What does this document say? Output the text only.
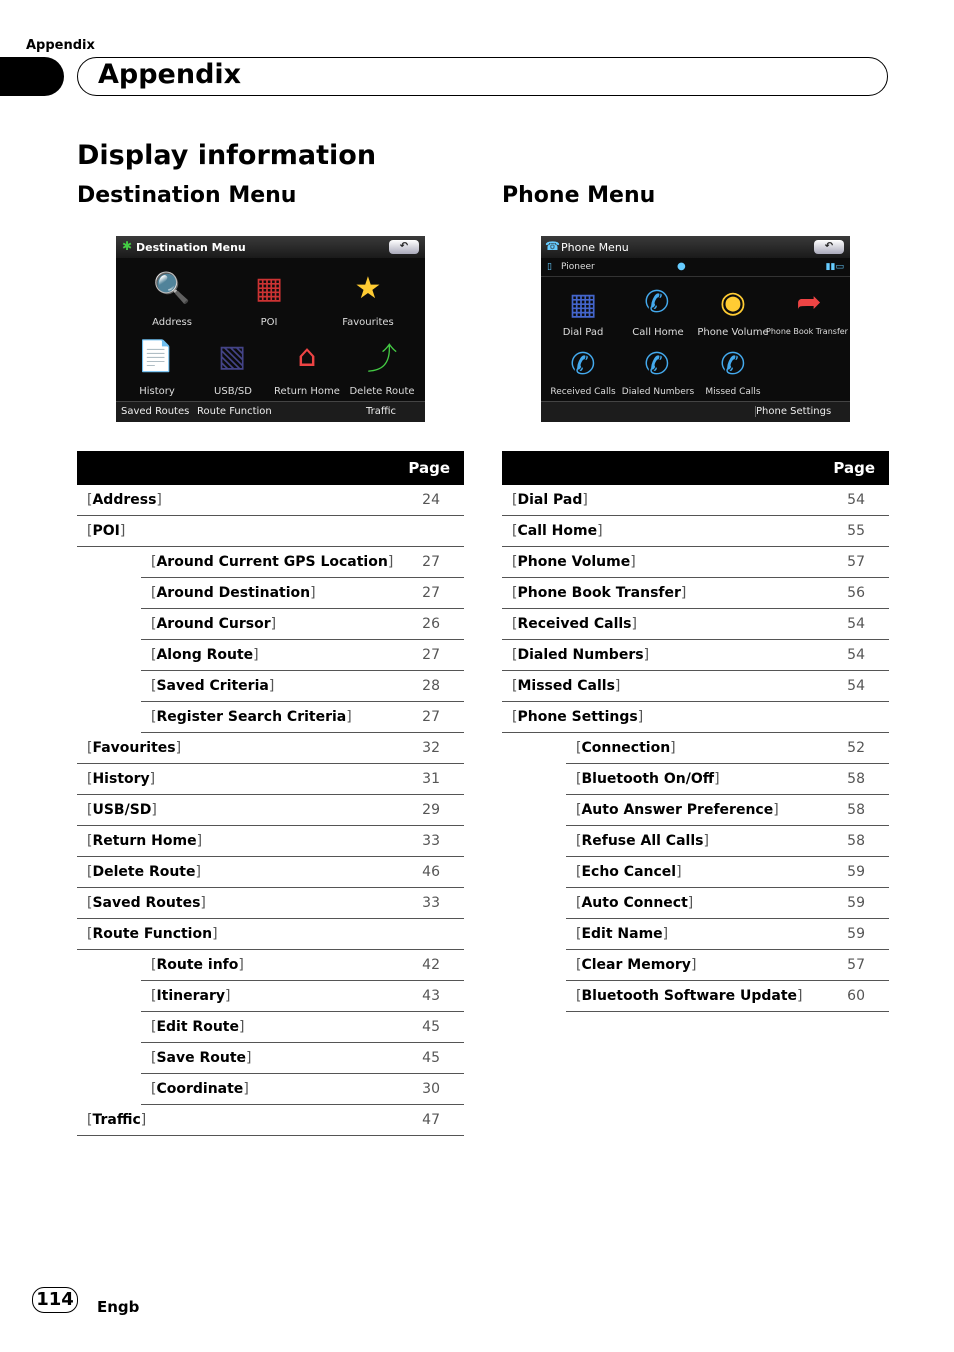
Appendix
Appendix
Display information
Destination Menu	Phone Menu
✱ Destination Menu	↶
🔍 ▦ ★
Address	POI	Favourites
📄 ▧	⌂	⤴
History	USB/SD Return Home Delete Route
Saved Routes Route Function	Traffic
☎ Phone Menu	↶
▯ Pioneer	●	▮▮▭
▦ ✆ ◉ ➦
Dial Pad	Call Home Phone Volume
Phone Book Transfer
✆ ✆ ✆
Received Calls Dialed Numbers Missed Calls
Phone Settings
Page	
[Address]	24
[POI]	
[Around Current GPS Location]	27
[Around Destination]	27
[Around Cursor]	26
[Along Route]	27
[Saved Criteria]	28
[Register Search Criteria]	27
[Favourites]	32
[History]	31
[USB/SD]	29
[Return Home]	33
[Delete Route]	46
[Saved Routes]	33
[Route Function]	
[Route info]	42
[Itinerary]	43
[Edit Route]	45
[Save Route]	45
[Coordinate]	30
[Traffic]	47
Page	
[Dial Pad]	54
[Call Home]	55
[Phone Volume]	57
[Phone Book Transfer]	56
[Received Calls]	54
[Dialed Numbers]	54
[Missed Calls]	54
[Phone Settings]	
[Connection]	52
[Bluetooth On/Off]	58
[Auto Answer Preference]	58
[Refuse All Calls]	58
[Echo Cancel]	59
[Auto Connect]	59
[Edit Name]	59
[Clear Memory]	57
[Bluetooth Software Update]	60
114 Engb
